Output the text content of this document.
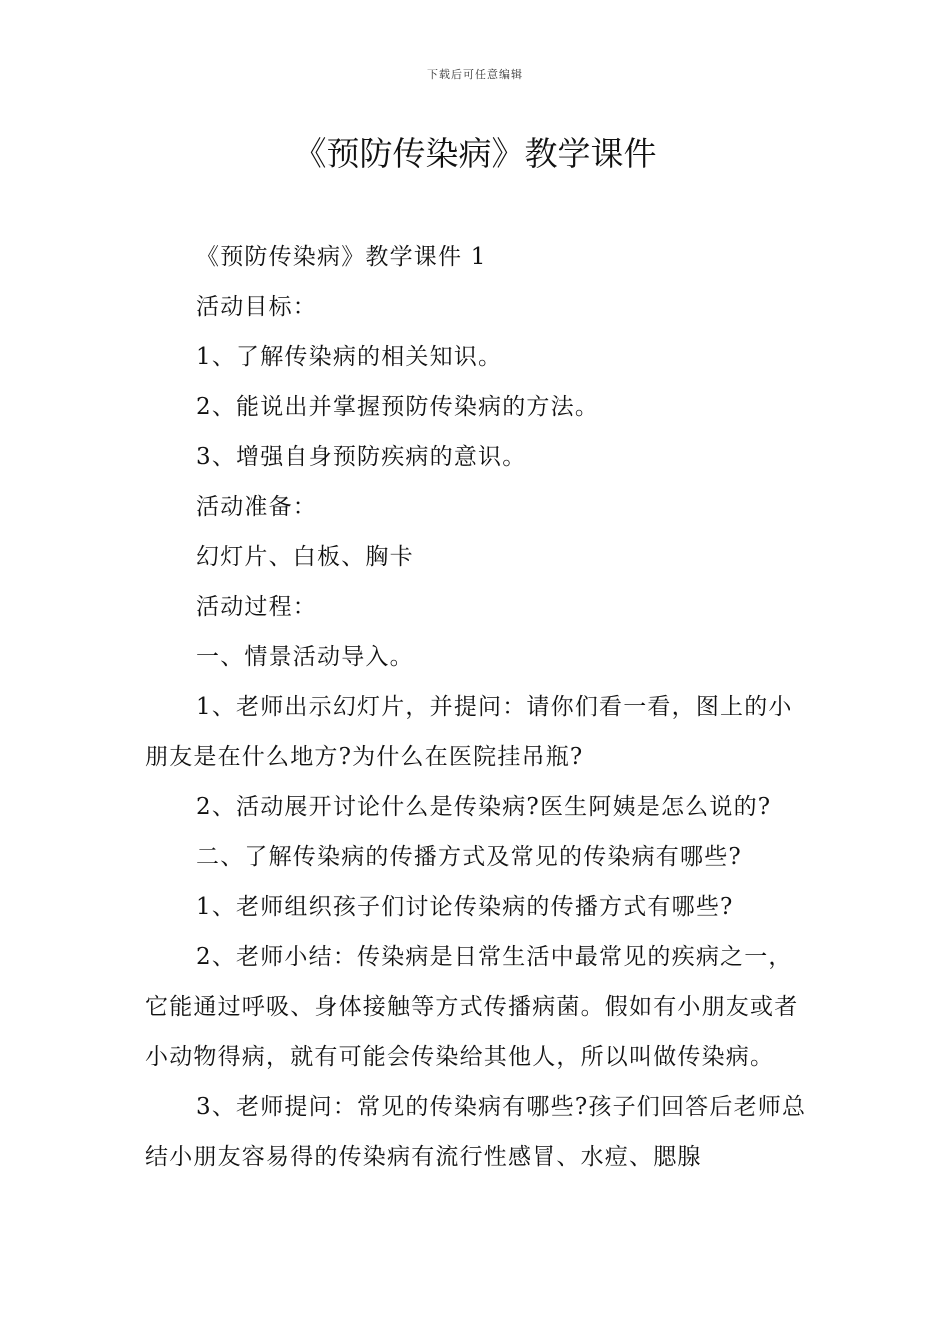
下载后可任意编辑
《预防传染病》教学课件

《预防传染病》教学课件 1

活动目标：

1、了解传染病的相关知识。

2、能说出并掌握预防传染病的方法。

3、增强自身预防疾病的意识。

活动准备：

幻灯片、白板、胸卡

活动过程：

一、情景活动导入。

1、老师出示幻灯片，并提问：请你们看一看，图上的小朋友是在什么地方?为什么在医院挂吊瓶?

2、活动展开讨论什么是传染病?医生阿姨是怎么说的?

二、了解传染病的传播方式及常见的传染病有哪些?

1、老师组织孩子们讨论传染病的传播方式有哪些?

2、老师小结：传染病是日常生活中最常见的疾病之一，它能通过呼吸、身体接触等方式传播病菌。假如有小朋友或者小动物得病，就有可能会传染给其他人，所以叫做传染病。

3、老师提问：常见的传染病有哪些?孩子们回答后老师总结小朋友容易得的传染病有流行性感冒、水痘、腮腺
